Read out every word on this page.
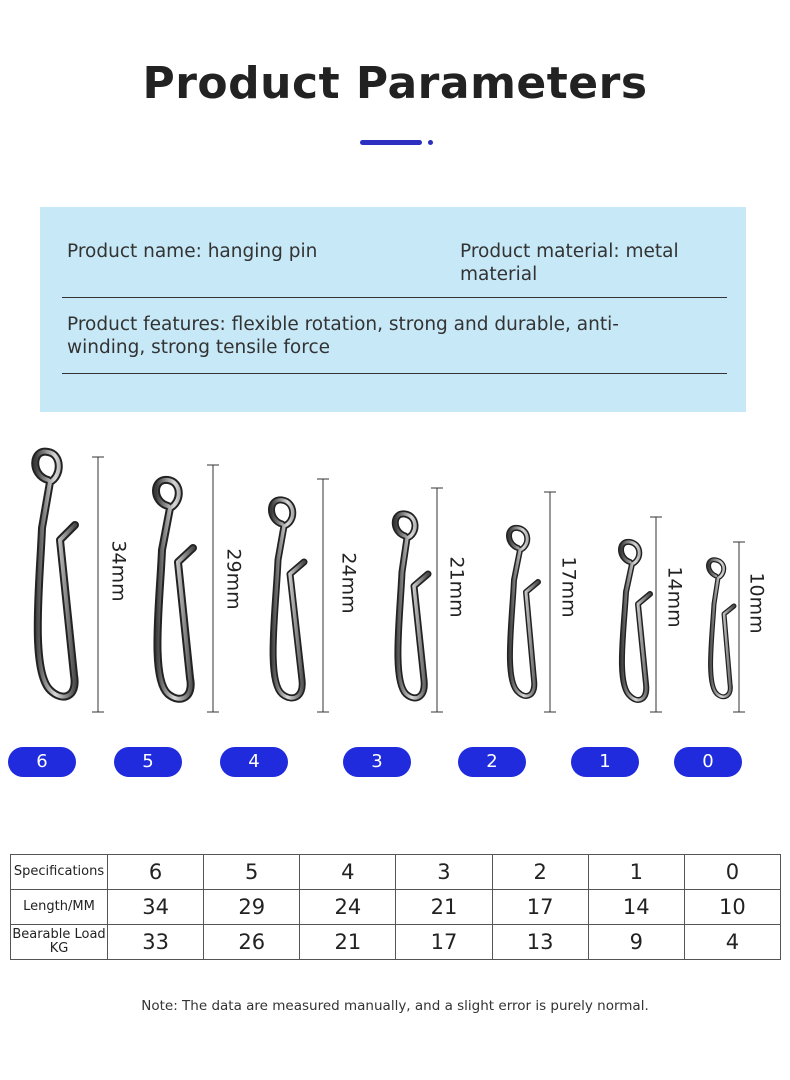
Product Parameters
Product name: hanging pin	Product material: metal material
Product features: flexible rotation, strong and durable, anti-winding, strong tensile force
34mm	29mm	24mm	21mm	17mm	14mm	10mm
6	5	4	3	2	1	0
Specifications	6	5	4	3	2	1	0
Length/MM	34	29	24	21	17	14	10
Bearable Load KG	33	26	21	17	13	9	4
Note: The data are measured manually, and a slight error is purely normal.
